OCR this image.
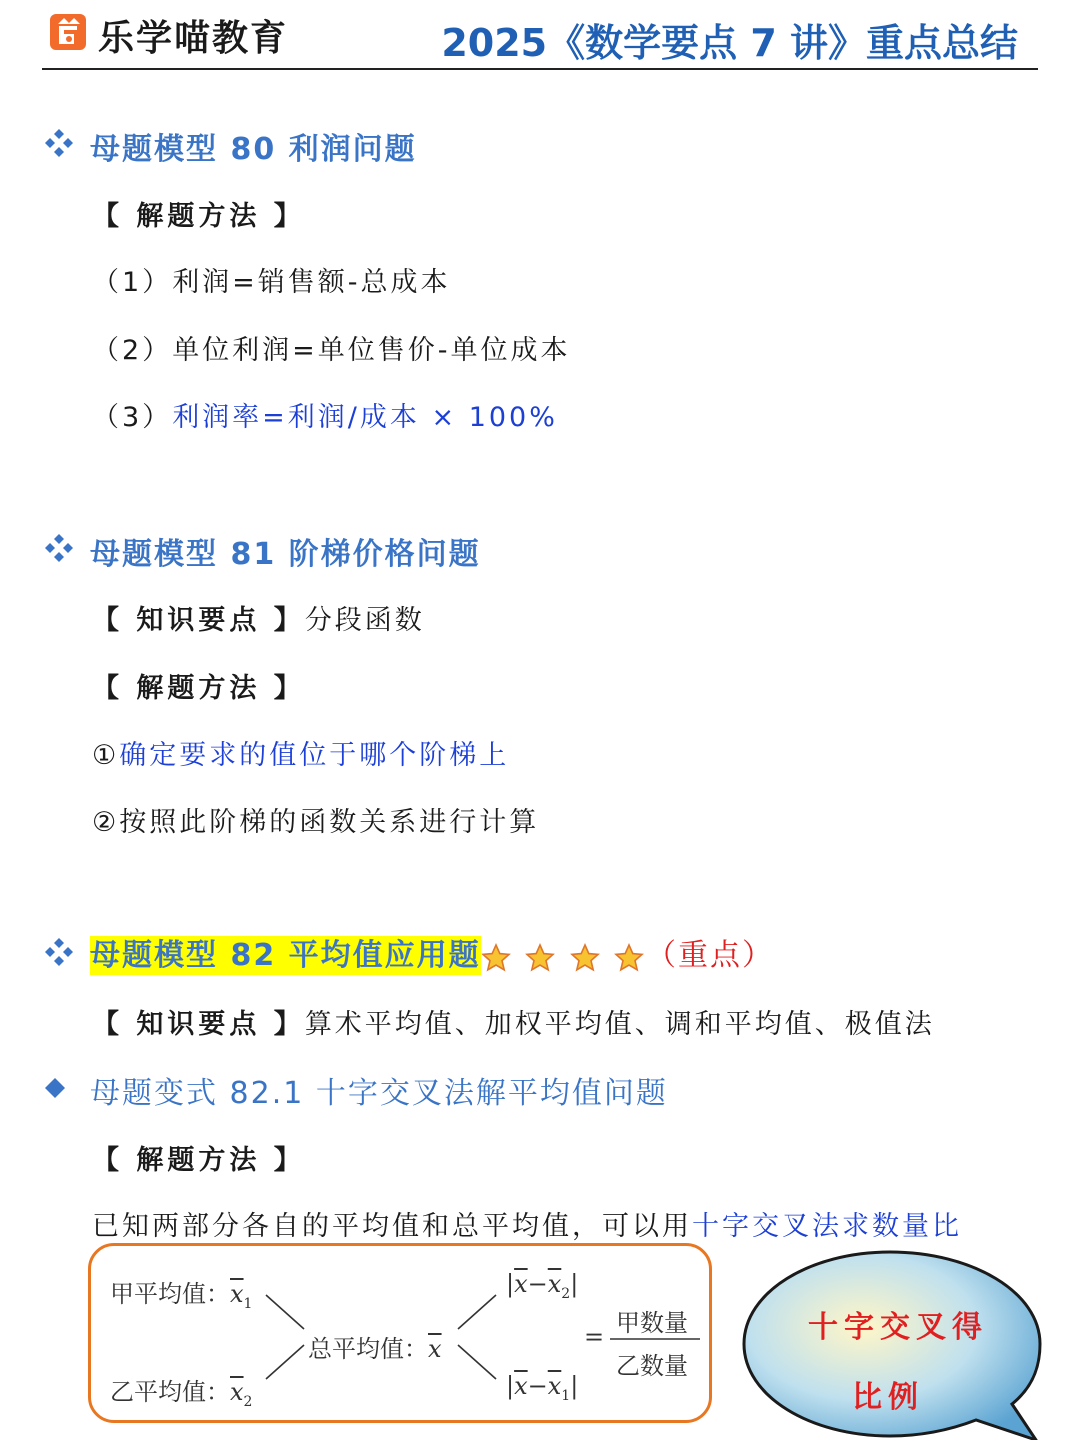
乐学喵教育	2025《数学要点 7 讲》重点总结
母题模型 80 利润问题
【 解题方法 】
（1）利润=销售额-总成本
（2）单位利润=单位售价-单位成本
（3）利润率=利润/成本 × 100%
母题模型 81 阶梯价格问题
【 知识要点 】分段函数
【 解题方法 】
①确定要求的值位于哪个阶梯上
②按照此阶梯的函数关系进行计算
母题模型 82 平均值应用题	（重点）
【 知识要点 】算术平均值、加权平均值、调和平均值、极值法
母题变式 82.1 十字交叉法解平均值问题
【 解题方法 】
已知两部分各自的平均值和总平均值，可以用十字交叉法求数量比
甲平均值：$\overline{x}_1$
乙平均值：$\overline{x}_2$
总平均值：$\overline{x}$
$|\overline{x}-\overline{x}_2|$
$|\overline{x}-\overline{x}_1|$
= 甲数量
乙数量
十字交叉得
比例
